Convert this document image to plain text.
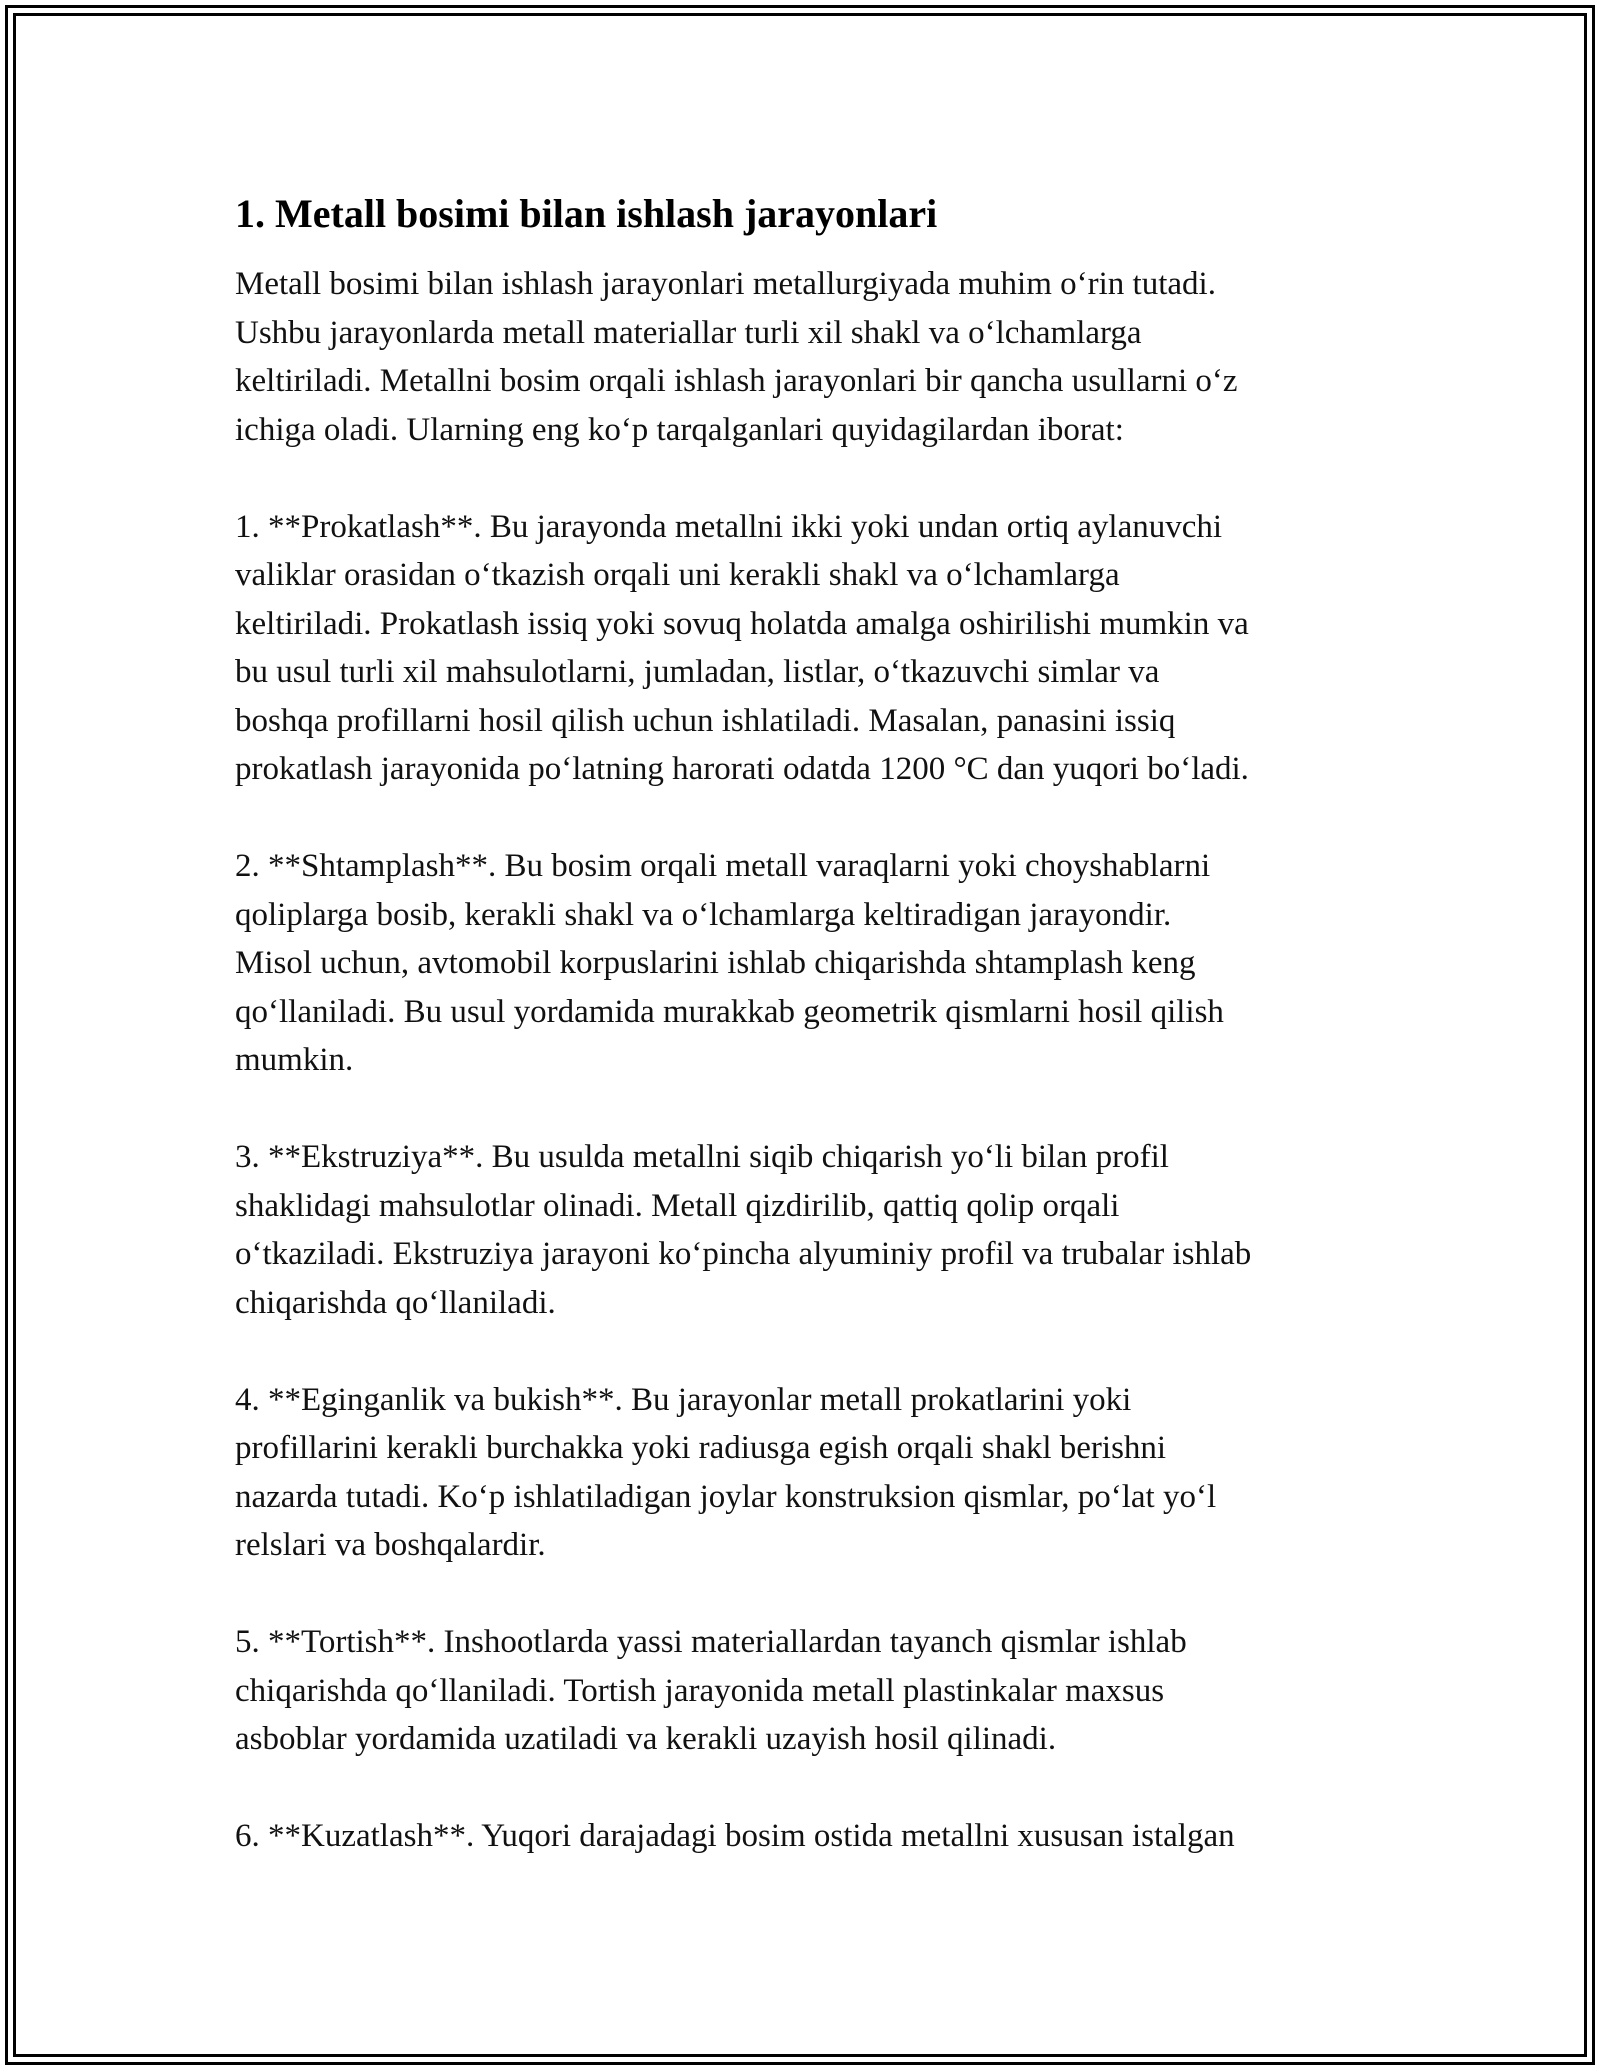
1. Metall bosimi bilan ishlash jarayonlari

Metall bosimi bilan ishlash jarayonlari metallurgiyada muhim o‘rin tutadi.
Ushbu jarayonlarda metall materiallar turli xil shakl va o‘lchamlarga
keltiriladi. Metallni bosim orqali ishlash jarayonlari bir qancha usullarni o‘z
ichiga oladi. Ularning eng ko‘p tarqalganlari quyidagilardan iborat:

1. **Prokatlash**. Bu jarayonda metallni ikki yoki undan ortiq aylanuvchi
valiklar orasidan o‘tkazish orqali uni kerakli shakl va o‘lchamlarga
keltiriladi. Prokatlash issiq yoki sovuq holatda amalga oshirilishi mumkin va
bu usul turli xil mahsulotlarni, jumladan, listlar, o‘tkazuvchi simlar va
boshqa profillarni hosil qilish uchun ishlatiladi. Masalan, panasini issiq
prokatlash jarayonida po‘latning harorati odatda 1200 °C dan yuqori bo‘ladi.

2. **Shtamplash**. Bu bosim orqali metall varaqlarni yoki choyshablarni
qoliplarga bosib, kerakli shakl va o‘lchamlarga keltiradigan jarayondir.
Misol uchun, avtomobil korpuslarini ishlab chiqarishda shtamplash keng
qo‘llaniladi. Bu usul yordamida murakkab geometrik qismlarni hosil qilish
mumkin.

3. **Ekstruziya**. Bu usulda metallni siqib chiqarish yo‘li bilan profil
shaklidagi mahsulotlar olinadi. Metall qizdirilib, qattiq qolip orqali
o‘tkaziladi. Ekstruziya jarayoni ko‘pincha alyuminiy profil va trubalar ishlab
chiqarishda qo‘llaniladi.

4. **Eginganlik va bukish**. Bu jarayonlar metall prokatlarini yoki
profillarini kerakli burchakka yoki radiusga egish orqali shakl berishni
nazarda tutadi. Ko‘p ishlatiladigan joylar konstruksion qismlar, po‘lat yo‘l
relslari va boshqalardir.

5. **Tortish**. Inshootlarda yassi materiallardan tayanch qismlar ishlab
chiqarishda qo‘llaniladi. Tortish jarayonida metall plastinkalar maxsus
asboblar yordamida uzatiladi va kerakli uzayish hosil qilinadi.

6. **Kuzatlash**. Yuqori darajadagi bosim ostida metallni xususan istalgan
